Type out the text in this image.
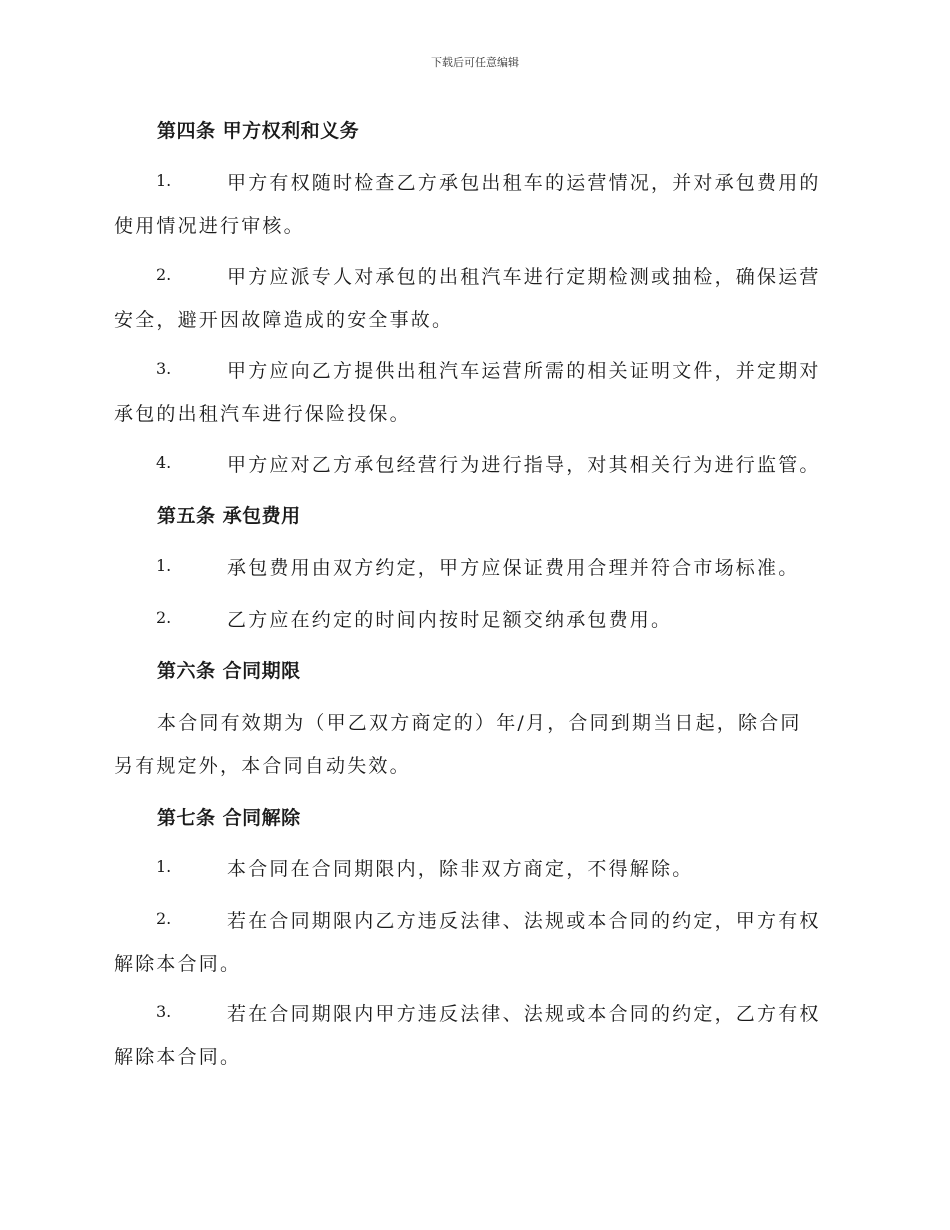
下载后可任意编辑
第四条 甲方权利和义务
1.	甲方有权随时检查乙方承包出租车的运营情况，并对承包费用的
使用情况进行审核。
2.	甲方应派专人对承包的出租汽车进行定期检测或抽检，确保运营
安全，避开因故障造成的安全事故。
3.	甲方应向乙方提供出租汽车运营所需的相关证明文件，并定期对
承包的出租汽车进行保险投保。
4.	甲方应对乙方承包经营行为进行指导，对其相关行为进行监管。
第五条 承包费用
1.	承包费用由双方约定，甲方应保证费用合理并符合市场标准。
2.	乙方应在约定的时间内按时足额交纳承包费用。
第六条 合同期限
本合同有效期为（甲乙双方商定的）年/月，合同到期当日起，除合同
另有规定外，本合同自动失效。
第七条 合同解除
1.	本合同在合同期限内，除非双方商定，不得解除。
2.	若在合同期限内乙方违反法律、法规或本合同的约定，甲方有权
解除本合同。
3.	若在合同期限内甲方违反法律、法规或本合同的约定，乙方有权
解除本合同。
